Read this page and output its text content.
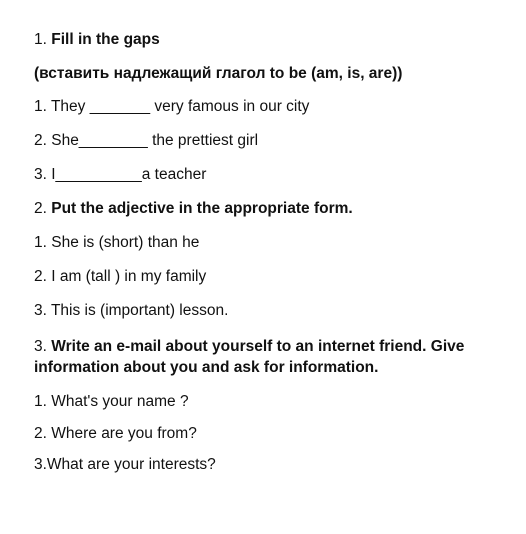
1. Fill in the gaps
(вставить надлежащий глагол to be (am, is, are))
1. They _______ very famous in our city
2. She________ the prettiest girl
3. I__________a teacher
2. Put the adjective in the appropriate form.
1. She is (short) than he
2. I am (tall ) in my family
3. This is (important) lesson.
3. Write an e-mail about yourself to an internet friend. Give information about you and ask for information.
1. What's your name ?
2. Where are you from?
3.What are your interests?
